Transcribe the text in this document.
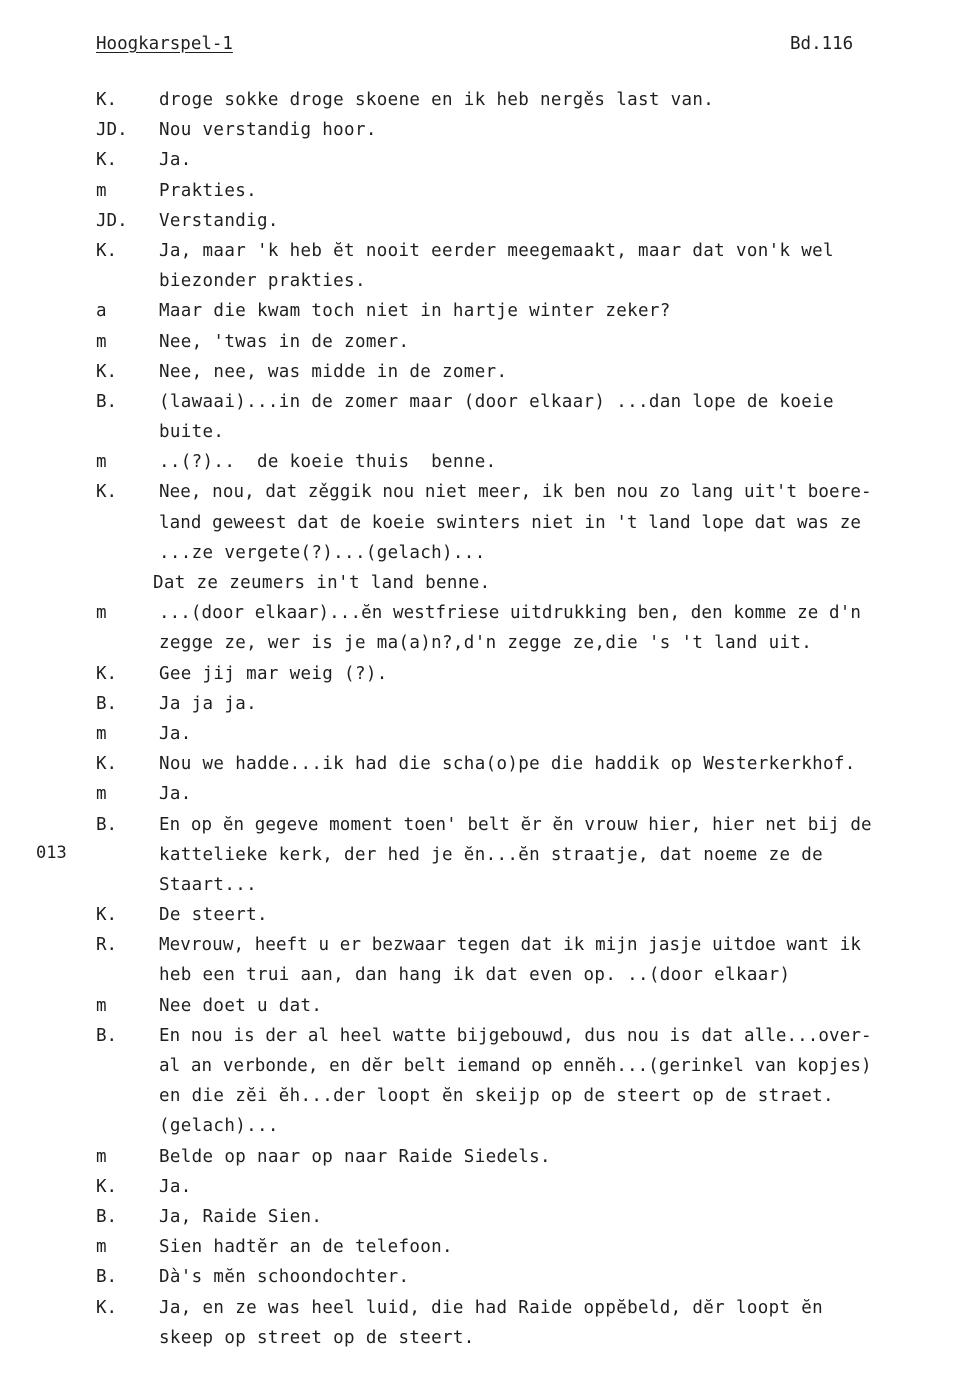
Hoogkarspel-1	Bd.116
013
K. droge sokke droge skoene en ik heb nergěs last van.
JD. Nou verstandig hoor.
K. Ja.
m	Prakties.
JD. Verstandig.
K. Ja, maar 'k heb ĕt nooit eerder meegemaakt, maar dat von'k wel
biezonder prakties.
a	Maar die kwam toch niet in hartje winter zeker?
m	Nee, 'twas in de zomer.
K. Nee, nee, was midde in de zomer.
B. (lawaai)...in de zomer maar (door elkaar) ...dan lope de koeie
buite.
m	..(?)..  de koeie thuis  benne.
K. Nee, nou, dat zěggik nou niet meer, ik ben nou zo lang uit't boere-
land geweest dat de koeie swinters niet in 't land lope dat was ze
...ze vergete(?)...(gelach)...
Dat ze zeumers in't land benne.
m	...(door elkaar)...ĕn westfriese uitdrukking ben, den komme ze d'n
zegge ze, wer is je ma(a)n?,d'n zegge ze,die 's 't land uit.
K. Gee jij mar weig (?).
B. Ja ja ja.
m	Ja.
K. Nou we hadde...ik had die scha(o)pe die haddik op Westerkerkhof.
m	Ja.
B. En op ĕn gegeve moment toen' belt ĕr ĕn vrouw hier, hier net bij de
kattelieke kerk, der hed je ĕn...ĕn straatje, dat noeme ze de
Staart...
K. De steert.
R. Mevrouw, heeft u er bezwaar tegen dat ik mijn jasje uitdoe want ik
heb een trui aan, dan hang ik dat even op. ..(door elkaar)
m	Nee doet u dat.
B. En nou is der al heel watte bijgebouwd, dus nou is dat alle...over-
al an verbonde, en dĕr belt iemand op ennĕh...(gerinkel van kopjes)
en die zĕi ĕh...der loopt ĕn skeijp op de steert op de straet.
(gelach)...
m	Belde op naar op naar Raide Siedels.
K. Ja.
B. Ja, Raide Sien.
m	Sien hadtĕr an de telefoon.
B. Dà's mĕn schoondochter.
K. Ja, en ze was heel luid, die had Raide oppĕbeld, dĕr loopt ĕn
skeep op street op de steert.
